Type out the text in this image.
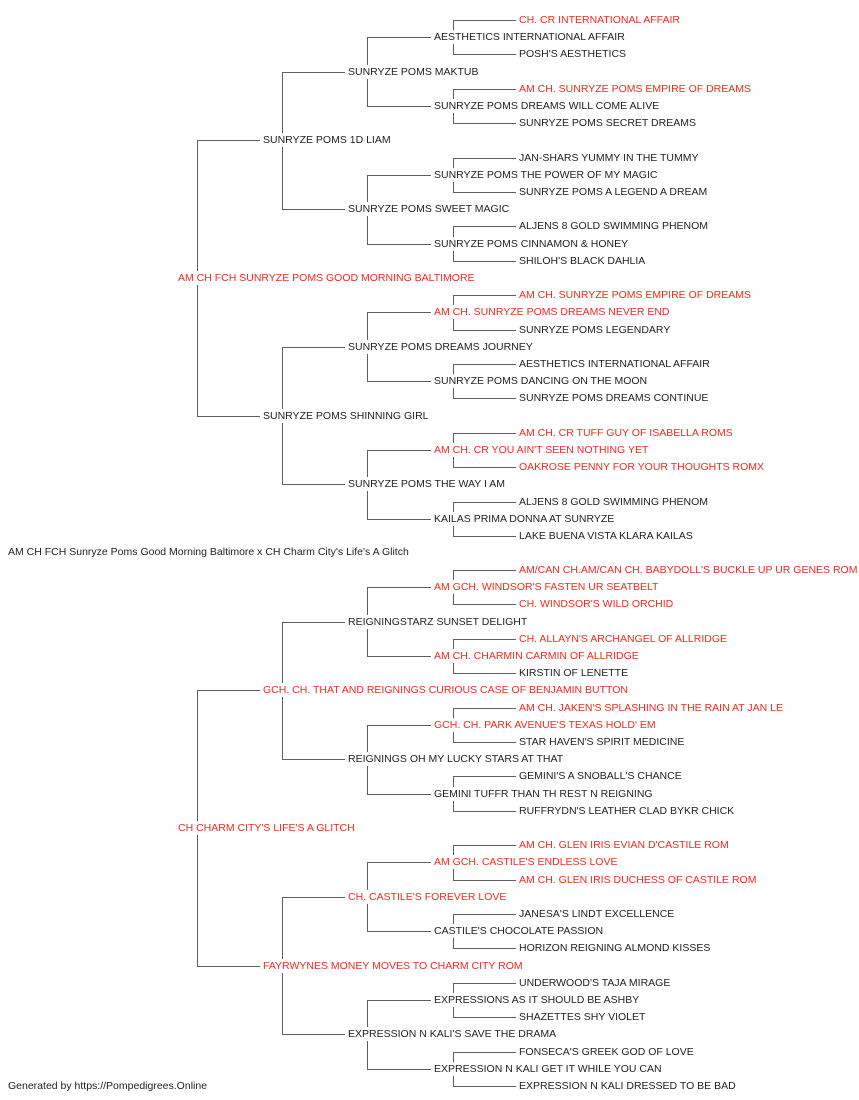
CH. CR INTERNATIONAL AFFAIR
POSH'S AESTHETICS
AESTHETICS INTERNATIONAL AFFAIR
AM CH. SUNRYZE POMS EMPIRE OF DREAMS
SUNRYZE POMS SECRET DREAMS
SUNRYZE POMS DREAMS WILL COME ALIVE
SUNRYZE POMS MAKTUB
JAN-SHARS YUMMY IN THE TUMMY
SUNRYZE POMS A LEGEND A DREAM
SUNRYZE POMS THE POWER OF MY MAGIC
ALJENS 8 GOLD SWIMMING PHENOM
SHILOH'S BLACK DAHLIA
SUNRYZE POMS CINNAMON & HONEY
SUNRYZE POMS SWEET MAGIC
SUNRYZE POMS 1D LIAM
AM CH. SUNRYZE POMS EMPIRE OF DREAMS
SUNRYZE POMS LEGENDARY
AM CH. SUNRYZE POMS DREAMS NEVER END
AESTHETICS INTERNATIONAL AFFAIR
SUNRYZE POMS DREAMS CONTINUE
SUNRYZE POMS DANCING ON THE MOON
SUNRYZE POMS DREAMS JOURNEY
AM CH. CR TUFF GUY OF ISABELLA ROMS
OAKROSE PENNY FOR YOUR THOUGHTS ROMX
AM CH. CR YOU AIN'T SEEN NOTHING YET
ALJENS 8 GOLD SWIMMING PHENOM
LAKE BUENA VISTA KLARA KAILAS
KAILAS PRIMA DONNA AT SUNRYZE
SUNRYZE POMS THE WAY I AM
SUNRYZE POMS SHINNING GIRL
AM CH FCH SUNRYZE POMS GOOD MORNING BALTIMORE
AM/CAN CH.AM/CAN CH. BABYDOLL'S BUCKLE UP UR GENES ROM
CH. WINDSOR'S WILD ORCHID
AM GCH. WINDSOR'S FASTEN UR SEATBELT
CH. ALLAYN'S ARCHANGEL OF ALLRIDGE
KIRSTIN OF LENETTE
AM CH. CHARMIN CARMIN OF ALLRIDGE
REIGNINGSTARZ SUNSET DELIGHT
AM CH. JAKEN'S SPLASHING IN THE RAIN AT JAN LE
STAR HAVEN'S SPIRIT MEDICINE
GCH. CH. PARK AVENUE'S TEXAS HOLD' EM
GEMINI'S A SNOBALL'S CHANCE
RUFFRYDN'S LEATHER CLAD BYKR CHICK
GEMINI TUFFR THAN TH REST N REIGNING
REIGNINGS OH MY LUCKY STARS AT THAT
GCH. CH. THAT AND REIGNINGS CURIOUS CASE OF BENJAMIN BUTTON
AM CH. GLEN IRIS EVIAN D'CASTILE ROM
AM CH. GLEN IRIS DUCHESS OF CASTILE ROM
AM GCH. CASTILE'S ENDLESS LOVE
JANESA'S LINDT EXCELLENCE
HORIZON REIGNING ALMOND KISSES
CASTILE'S CHOCOLATE PASSION
CH. CASTILE'S FOREVER LOVE
UNDERWOOD'S TAJA MIRAGE
SHAZETTES SHY VIOLET
EXPRESSIONS AS IT SHOULD BE ASHBY
FONSECA'S GREEK GOD OF LOVE
EXPRESSION N KALI DRESSED TO BE BAD
EXPRESSION N KALI GET IT WHILE YOU CAN
EXPRESSION N KALI'S SAVE THE DRAMA
FAYRWYNES MONEY MOVES TO CHARM CITY ROM
CH CHARM CITY'S LIFE'S A GLITCH
AM CH FCH Sunryze Poms Good Morning Baltimore x CH Charm City's Life's A Glitch
Generated by https://Pompedigrees.Online
